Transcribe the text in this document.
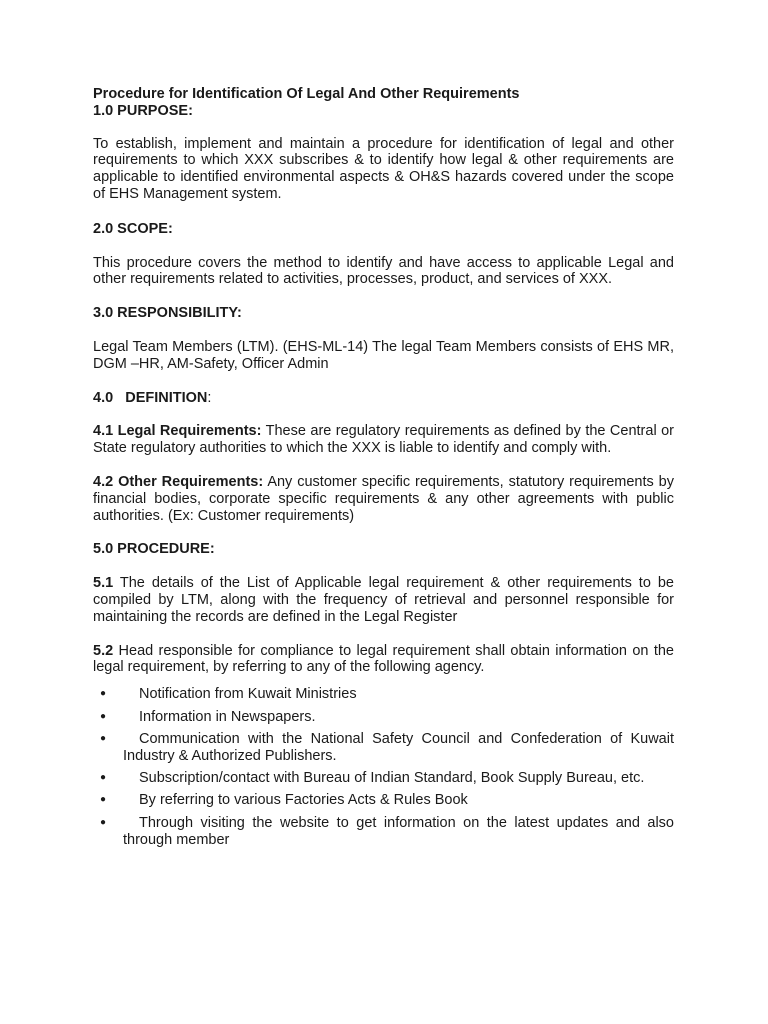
Procedure for Identification Of Legal And Other Requirements

1.0 PURPOSE:

To establish, implement and maintain a procedure for identification of legal and other requirements to which XXX subscribes & to identify how legal & other requirements are applicable to identified environmental aspects & OH&S hazards covered under the scope of EHS Management system.

2.0 SCOPE:

This procedure covers the method to identify and have access to applicable Legal and other requirements related to activities, processes, product, and services of XXX.

3.0 RESPONSIBILITY:

Legal Team Members (LTM). (EHS-ML-14) The legal Team Members consists of EHS MR, DGM –HR, AM-Safety, Officer Admin

4.0   DEFINITION:

4.1 Legal Requirements: These are regulatory requirements as defined by the Central or State regulatory authorities to which the XXX is liable to identify and comply with.

4.2 Other Requirements: Any customer specific requirements, statutory requirements by financial bodies, corporate specific requirements & any other agreements with public authorities. (Ex: Customer requirements)

5.0 PROCEDURE:

5.1 The details of the List of Applicable legal requirement & other requirements to be compiled by LTM, along with the frequency of retrieval and personnel responsible for maintaining the records are defined in the Legal Register

5.2 Head responsible for compliance to legal requirement shall obtain information on the legal requirement, by referring to any of the following agency.

● Notification from Kuwait Ministries
● Information in Newspapers.
● Communication with the National Safety Council and Confederation of Kuwait Industry & Authorized Publishers.
● Subscription/contact with Bureau of Indian Standard, Book Supply Bureau, etc.
● By referring to various Factories Acts & Rules Book
● Through visiting the website to get information on the latest updates and also through member
